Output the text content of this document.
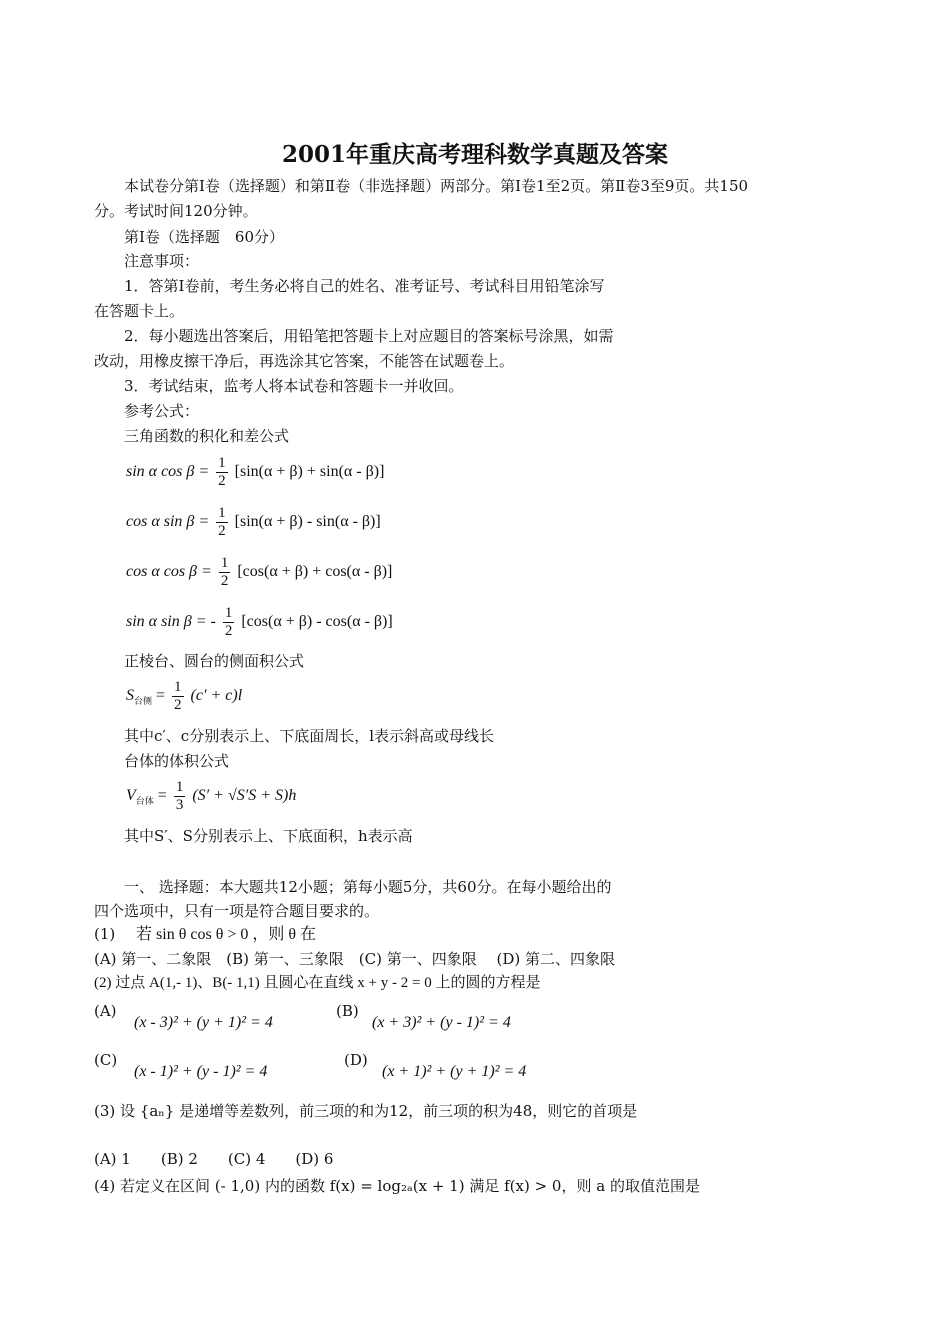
2001年重庆高考理科数学真题及答案
本试卷分第Ⅰ卷（选择题）和第Ⅱ卷（非选择题）两部分。第Ⅰ卷1至2页。第Ⅱ卷3至9页。共150
分。考试时间120分钟。
第Ⅰ卷（选择题　60分）
注意事项：
1．答第Ⅰ卷前，考生务必将自己的姓名、准考证号、考试科目用铅笔涂写
在答题卡上。
2．每小题选出答案后，用铅笔把答题卡上对应题目的答案标号涂黑，如需
改动，用橡皮擦干净后，再选涂其它答案，不能答在试题卷上。
3．考试结束，监考人将本试卷和答题卡一并收回。
参考公式：
三角函数的积化和差公式
sin α $\cos \beta = \frac{1}{2} [\sin(\alpha + \beta) + \sin(\alpha - \beta)]$
cos α $\sin \beta = \frac{1}{2} [\sin(\alpha + \beta) - \sin(\alpha - \beta)]$
cos α $\cos \beta = \frac{1}{2} [\cos(\alpha + \beta) + \cos(\alpha - \beta)]$
sin α sin β = - $\frac{1}{2} [\cos(\alpha + \beta) - \cos(\alpha - \beta)]$
正棱台、圆台的侧面积公式
$S_{台侧} = \frac{1}{2} (c' + c)l$
其中c′、c分别表示上、下底面周长，l表示斜高或母线长
台体的体积公式
$V_{台体} = \frac{1}{3} (S' + √S'S + S)h$
其中S′、S分别表示上、下底面积，h表示高
一、 选择题：本大题共12小题；第每小题5分，共60分。在每小题给出的
四个选项中，只有一项是符合题目要求的。
(1) 若 sin θ cos θ > 0 ，则 θ 在
(A) 第一、二象限　(B) 第一、三象限　(C) 第一、四象限　 (D) 第二、四象限
(2) 过点 A(1,- 1)、B(- 1,1) 且圆心在直线 x + y - 2 = 0 上的圆的方程是
(A)
(x - 3)² + (y + 1)² = 4
(B)
(x + 3)² + (y - 1)² = 4
(C)
(x - 1)² + (y - 1)² = 4
(D)
(x + 1)² + (y + 1)² = 4
(3) 设 {aₙ} 是递增等差数列，前三项的和为12，前三项的积为48，则它的首项是
(A) 1　　(B) 2　　(C) 4　　(D) 6
(4) 若定义在区间 (- 1,0) 内的函数 f(x) = log₂ₐ(x + 1) 满足 f(x) > 0，则 a 的取值范围是
